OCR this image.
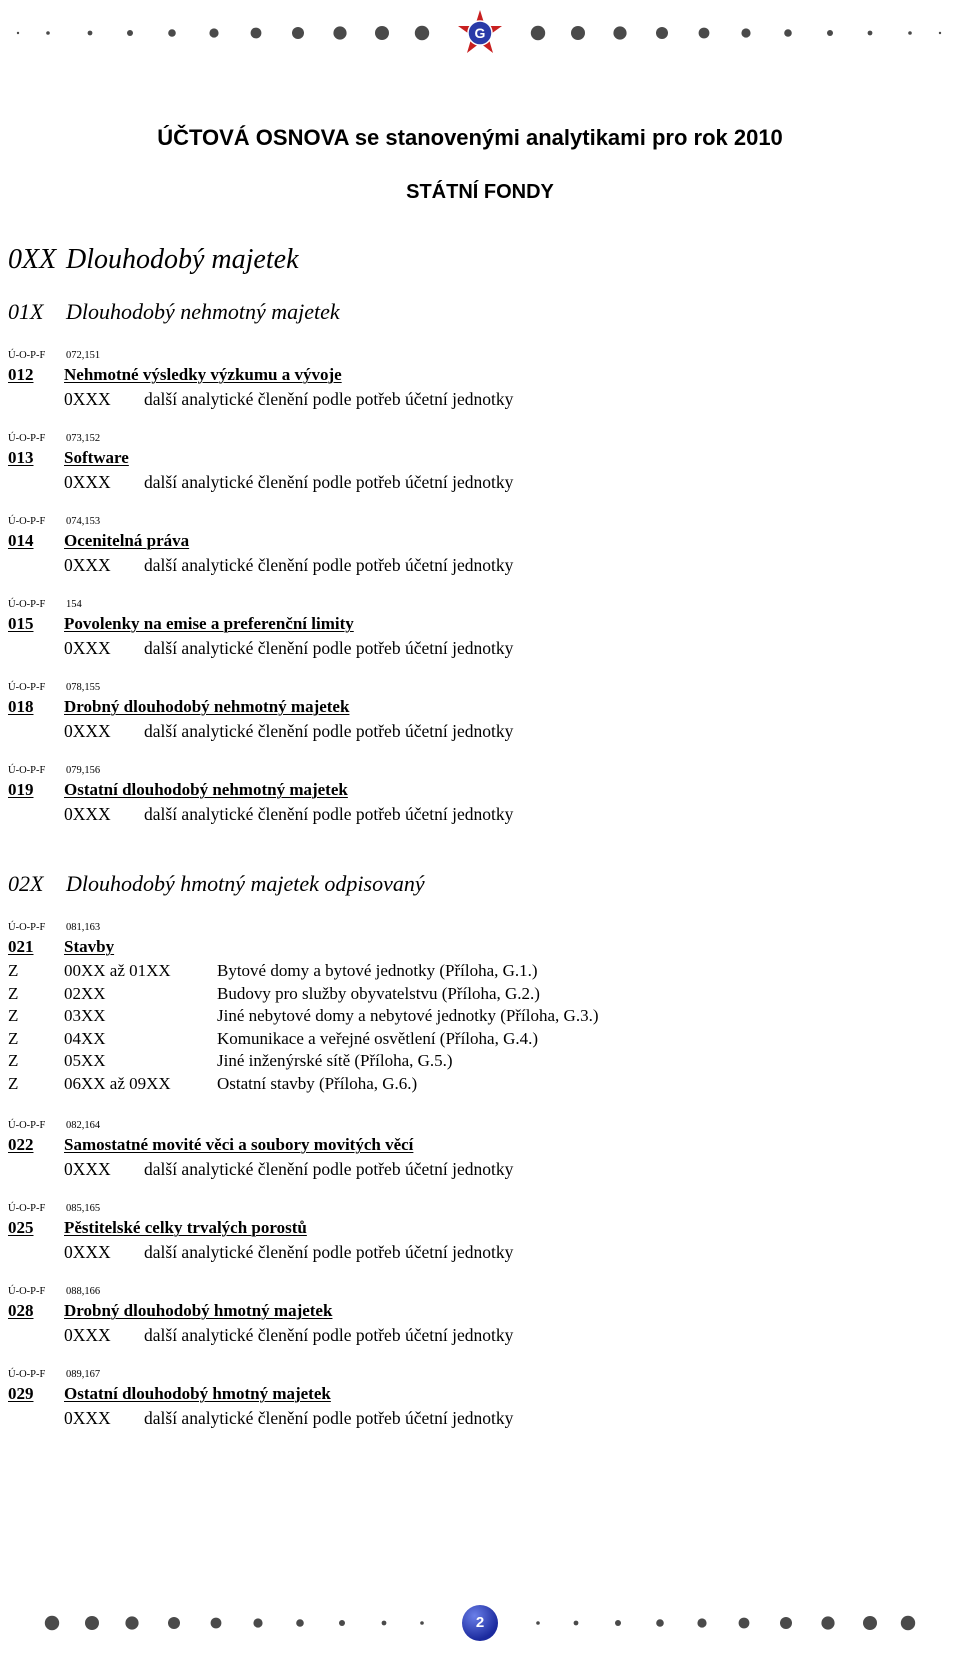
G
ÚČTOVÁ OSNOVA se stanovenými analytikami pro rok 2010
STÁTNÍ FONDY
0XX Dlouhodobý majetek
01X Dlouhodobý nehmotný majetek
Ú-O-P-F 072,151
012 Nehmotné výsledky výzkumu a vývoje
0XXX další analytické členění podle potřeb účetní jednotky
Ú-O-P-F 073,152
013 Software
0XXX další analytické členění podle potřeb účetní jednotky
Ú-O-P-F 074,153
014 Ocenitelná práva
0XXX další analytické členění podle potřeb účetní jednotky
Ú-O-P-F 154
015 Povolenky na emise a preferenční limity
0XXX další analytické členění podle potřeb účetní jednotky
Ú-O-P-F 078,155
018 Drobný dlouhodobý nehmotný majetek
0XXX další analytické členění podle potřeb účetní jednotky
Ú-O-P-F 079,156
019 Ostatní dlouhodobý nehmotný majetek
0XXX další analytické členění podle potřeb účetní jednotky
02X Dlouhodobý hmotný majetek odpisovaný
Ú-O-P-F 081,163
021 Stavby
Z	00XX až 01XX	Bytové domy a bytové jednotky (Příloha, G.1.)
Z	02XX	Budovy pro služby obyvatelstvu (Příloha, G.2.)
Z	03XX	Jiné nebytové domy a nebytové jednotky (Příloha, G.3.)
Z	04XX	Komunikace a veřejné osvětlení (Příloha, G.4.)
Z	05XX	Jiné inženýrské sítě (Příloha, G.5.)
Z	06XX až 09XX	Ostatní stavby (Příloha, G.6.)
Ú-O-P-F 082,164
022 Samostatné movité věci a soubory movitých věcí
0XXX další analytické členění podle potřeb účetní jednotky
Ú-O-P-F 085,165
025 Pěstitelské celky trvalých porostů
0XXX další analytické členění podle potřeb účetní jednotky
Ú-O-P-F 088,166
028 Drobný dlouhodobý hmotný majetek
0XXX další analytické členění podle potřeb účetní jednotky
Ú-O-P-F 089,167
029 Ostatní dlouhodobý hmotný majetek
0XXX další analytické členění podle potřeb účetní jednotky
2
